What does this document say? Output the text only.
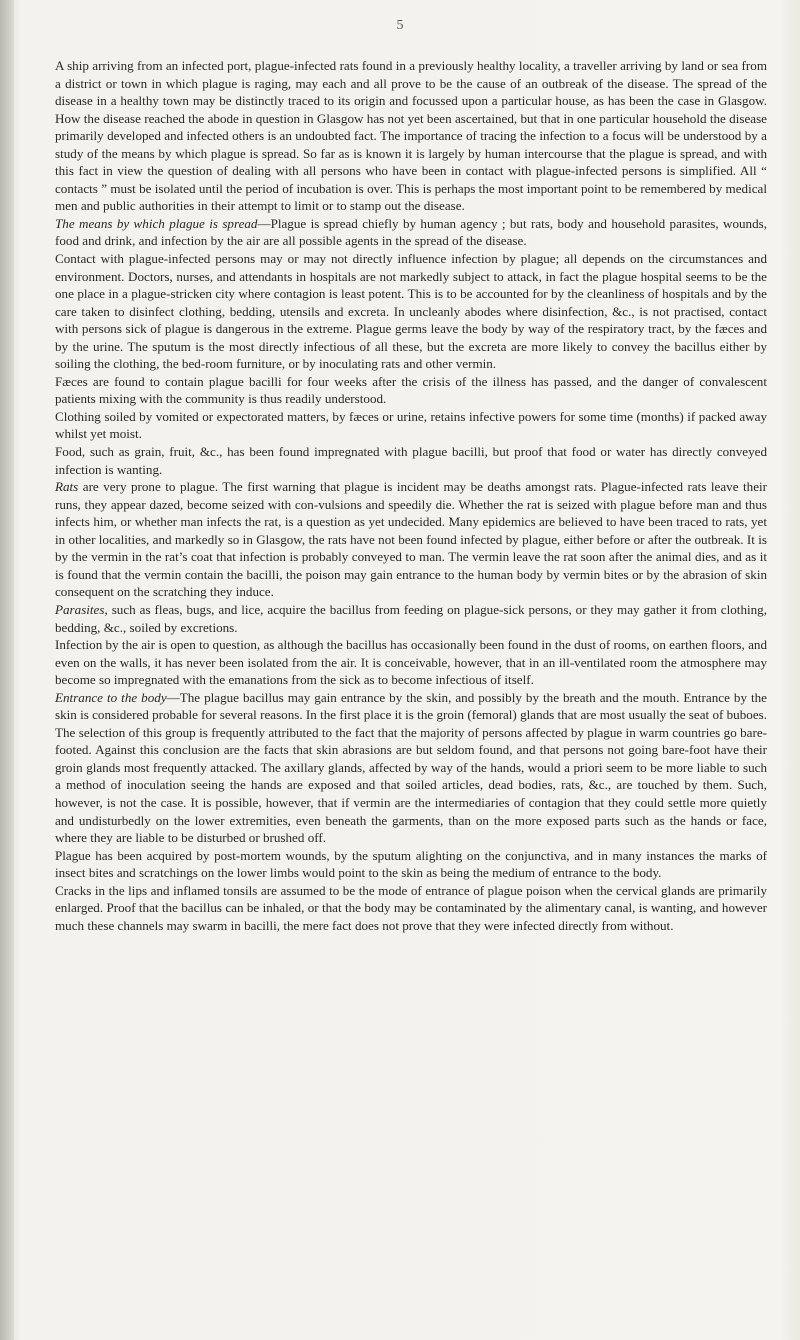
5

A ship arriving from an infected port, plague-infected rats found in a previously healthy locality, a traveller arriving by land or sea from a district or town in which plague is raging, may each and all prove to be the cause of an outbreak of the disease. The spread of the disease in a healthy town may be distinctly traced to its origin and focussed upon a particular house, as has been the case in Glasgow. How the disease reached the abode in question in Glasgow has not yet been ascertained, but that in one particular household the disease primarily developed and infected others is an undoubted fact. The importance of tracing the infection to a focus will be understood by a study of the means by which plague is spread. So far as is known it is largely by human intercourse that the plague is spread, and with this fact in view the question of dealing with all persons who have been in contact with plague-infected persons is simplified. All “ contacts ” must be isolated until the period of incubation is over. This is perhaps the most important point to be remembered by medical men and public authorities in their attempt to limit or to stamp out the disease.

The means by which plague is spread—Plague is spread chiefly by human agency ; but rats, body and household parasites, wounds, food and drink, and infection by the air are all possible agents in the spread of the disease.

Contact with plague-infected persons may or may not directly influence infection by plague; all depends on the circumstances and environment. Doctors, nurses, and attendants in hospitals are not markedly subject to attack, in fact the plague hospital seems to be the one place in a plague-stricken city where contagion is least potent. This is to be accounted for by the cleanliness of hospitals and by the care taken to disinfect clothing, bedding, utensils and excreta. In uncleanly abodes where disinfection, &c., is not practised, contact with persons sick of plague is dangerous in the extreme. Plague germs leave the body by way of the respiratory tract, by the fæces and by the urine. The sputum is the most directly infectious of all these, but the excreta are more likely to convey the bacillus either by soiling the clothing, the bed-room furniture, or by inoculating rats and other vermin.

Fæces are found to contain plague bacilli for four weeks after the crisis of the illness has passed, and the danger of convalescent patients mixing with the community is thus readily understood.

Clothing soiled by vomited or expectorated matters, by fæces or urine, retains infective powers for some time (months) if packed away whilst yet moist.

Food, such as grain, fruit, &c., has been found impregnated with plague bacilli, but proof that food or water has directly conveyed infection is wanting.

Rats are very prone to plague. The first warning that plague is incident may be deaths amongst rats. Plague-infected rats leave their runs, they appear dazed, become seized with con-vulsions and speedily die. Whether the rat is seized with plague before man and thus infects him, or whether man infects the rat, is a question as yet undecided. Many epidemics are believed to have been traced to rats, yet in other localities, and markedly so in Glasgow, the rats have not been found infected by plague, either before or after the outbreak. It is by the vermin in the rat’s coat that infection is probably conveyed to man. The vermin leave the rat soon after the animal dies, and as it is found that the vermin contain the bacilli, the poison may gain entrance to the human body by vermin bites or by the abrasion of skin consequent on the scratching they induce.

Parasites, such as fleas, bugs, and lice, acquire the bacillus from feeding on plague-sick persons, or they may gather it from clothing, bedding, &c., soiled by excretions.

Infection by the air is open to question, as although the bacillus has occasionally been found in the dust of rooms, on earthen floors, and even on the walls, it has never been isolated from the air. It is conceivable, however, that in an ill-ventilated room the atmosphere may become so impregnated with the emanations from the sick as to become infectious of itself.

Entrance to the body—The plague bacillus may gain entrance by the skin, and possibly by the breath and the mouth. Entrance by the skin is considered probable for several reasons. In the first place it is the groin (femoral) glands that are most usually the seat of buboes. The selection of this group is frequently attributed to the fact that the majority of persons affected by plague in warm countries go bare-footed. Against this conclusion are the facts that skin abrasions are but seldom found, and that persons not going bare-foot have their groin glands most frequently attacked. The axillary glands, affected by way of the hands, would a priori seem to be more liable to such a method of inoculation seeing the hands are exposed and that soiled articles, dead bodies, rats, &c., are touched by them. Such, however, is not the case. It is possible, however, that if vermin are the intermediaries of contagion that they could settle more quietly and undisturbedly on the lower extremities, even beneath the garments, than on the more exposed parts such as the hands or face, where they are liable to be disturbed or brushed off.

Plague has been acquired by post-mortem wounds, by the sputum alighting on the conjunctiva, and in many instances the marks of insect bites and scratchings on the lower limbs would point to the skin as being the medium of entrance to the body.

Cracks in the lips and inflamed tonsils are assumed to be the mode of entrance of plague poison when the cervical glands are primarily enlarged. Proof that the bacillus can be inhaled, or that the body may be contaminated by the alimentary canal, is wanting, and however much these channels may swarm in bacilli, the mere fact does not prove that they were infected directly from without.
